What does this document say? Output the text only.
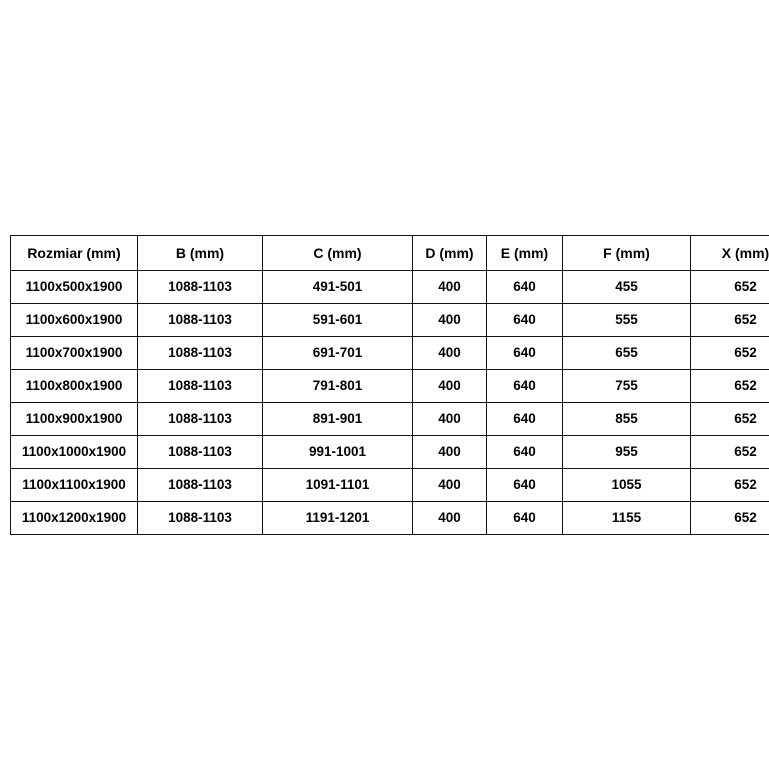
Rozmiar (mm)	B (mm)	C (mm)	D (mm)	E (mm)	F (mm)	X (mm)
1100x500x1900	1088-1103	491-501	400	640	455	652
1100x600x1900	1088-1103	591-601	400	640	555	652
1100x700x1900	1088-1103	691-701	400	640	655	652
1100x800x1900	1088-1103	791-801	400	640	755	652
1100x900x1900	1088-1103	891-901	400	640	855	652
1100x1000x1900	1088-1103	991-1001	400	640	955	652
1100x1100x1900	1088-1103	1091-1101	400	640	1055	652
1100x1200x1900	1088-1103	1191-1201	400	640	1155	652
